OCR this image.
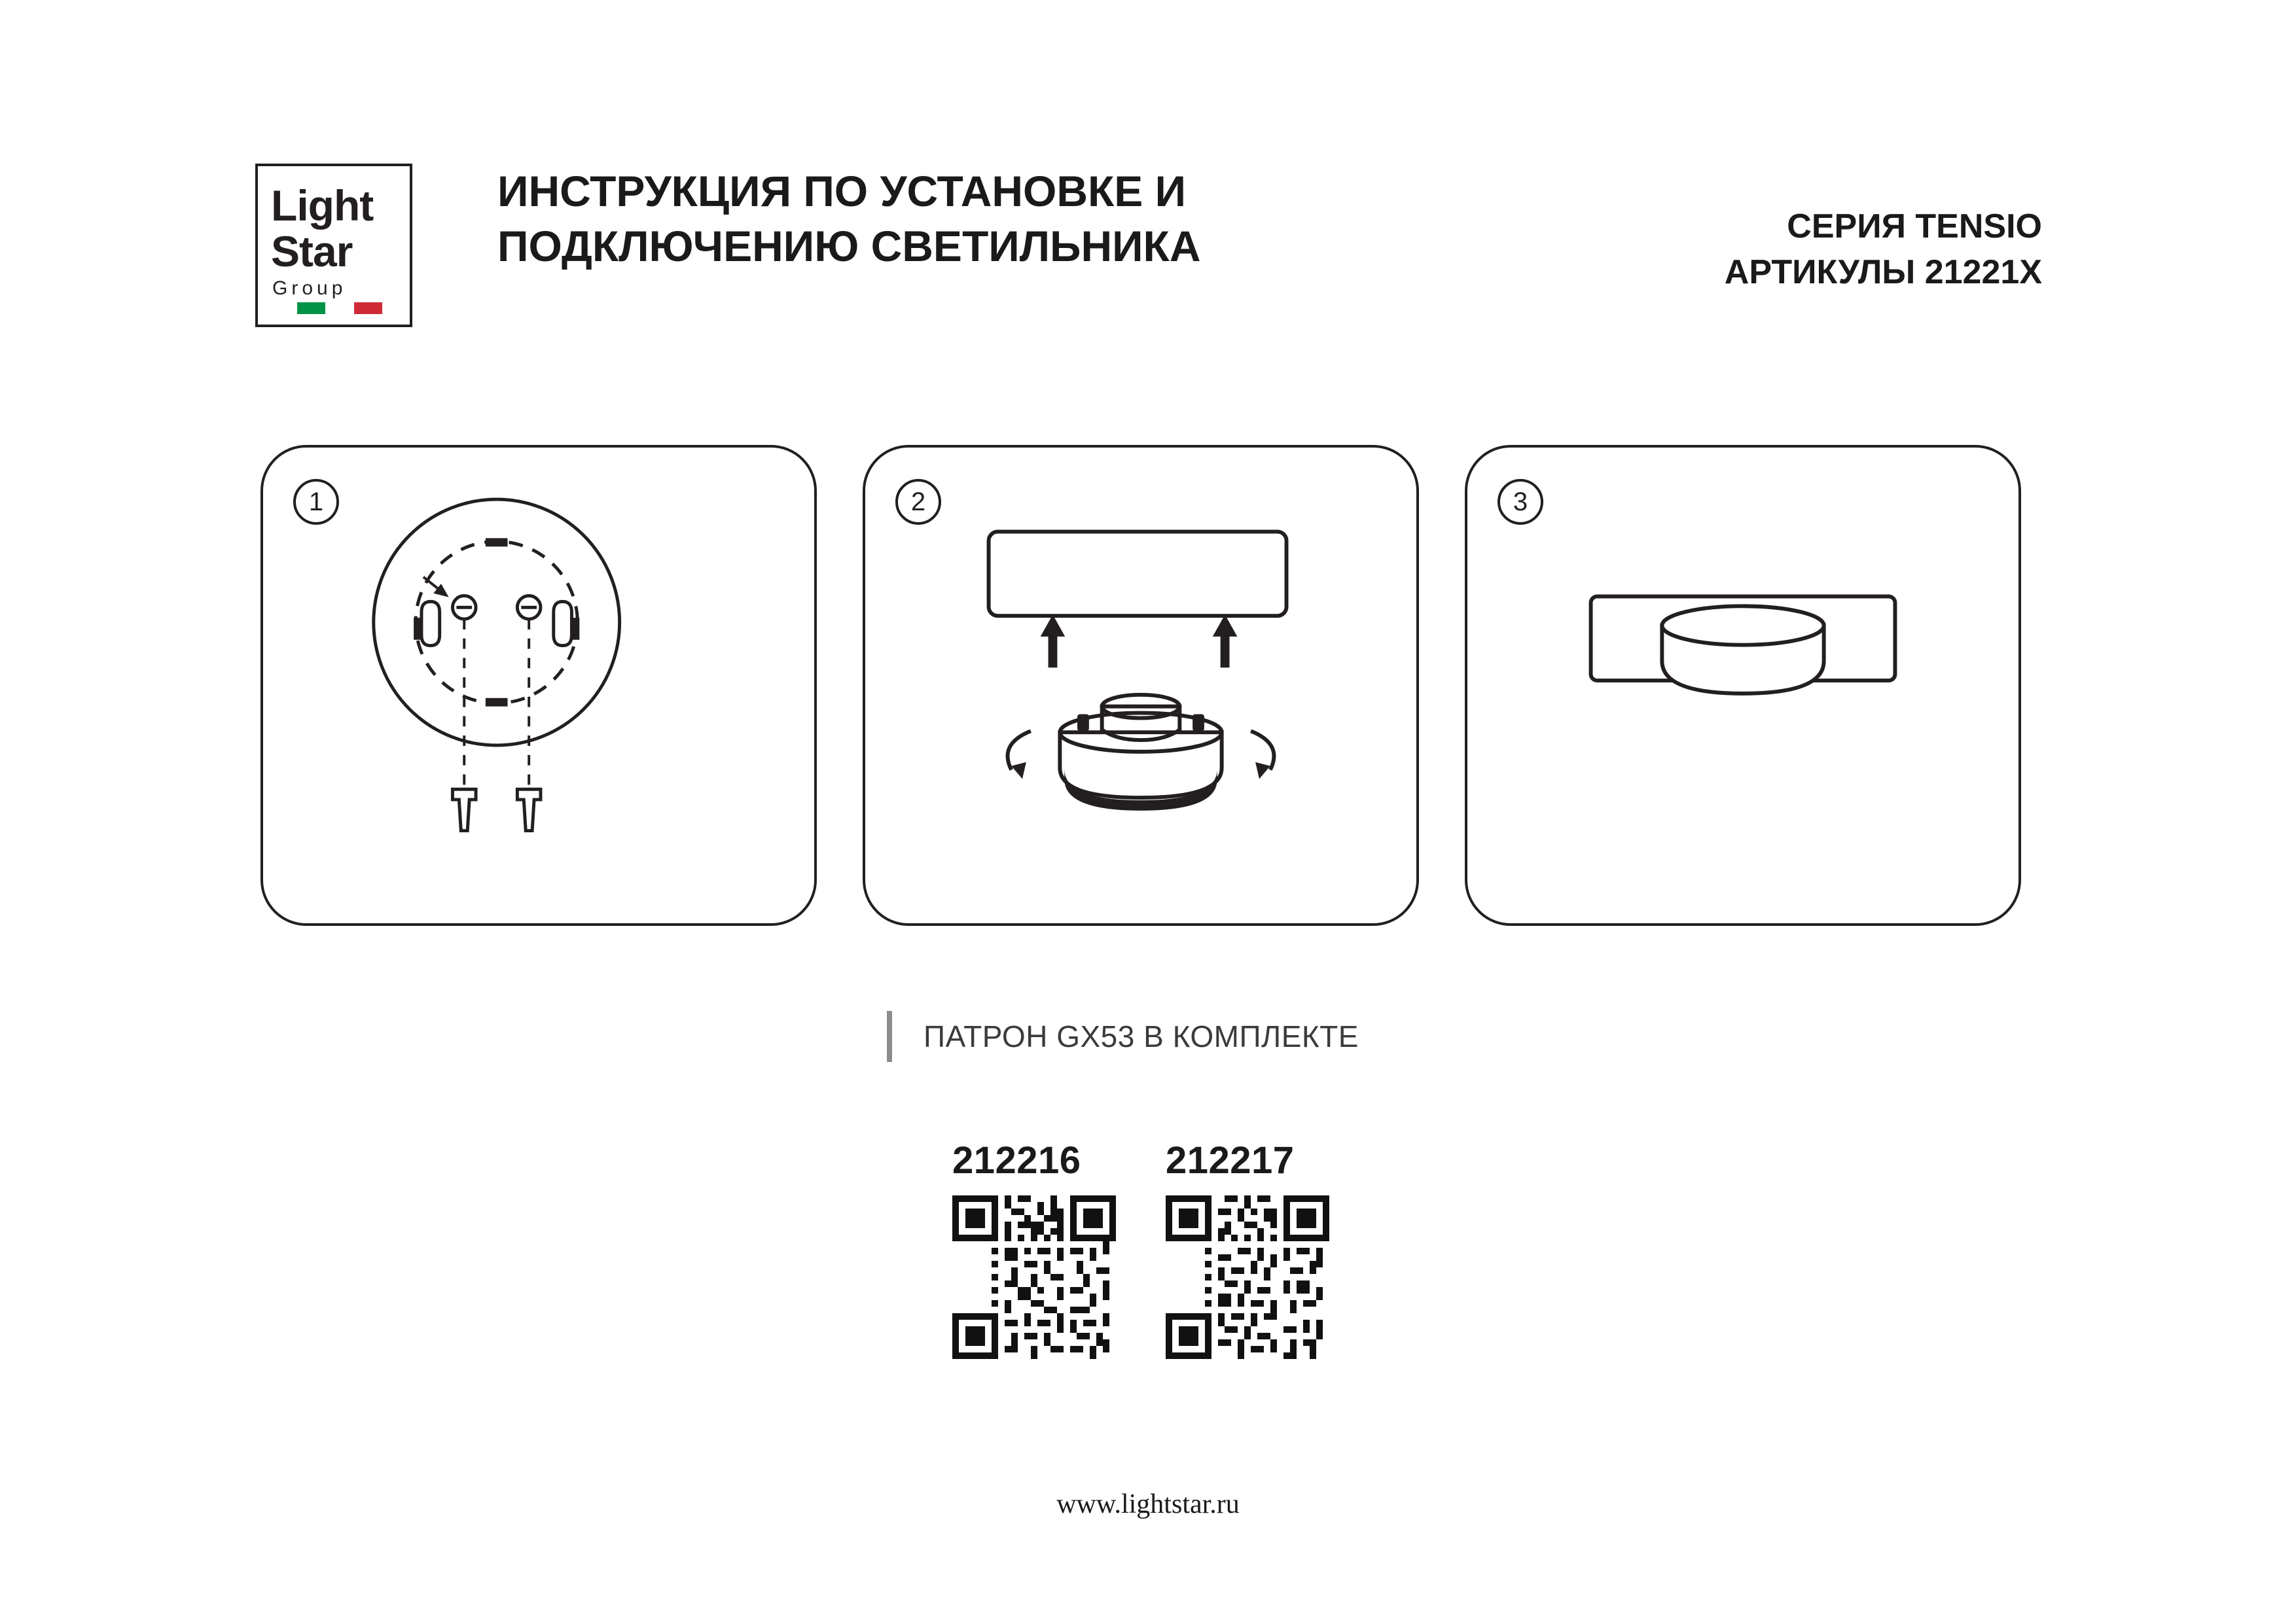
Light
Star
Group
ИНСТРУКЦИЯ ПО УСТАНОВКЕ И
ПОДКЛЮЧЕНИЮ СВЕТИЛЬНИКА	СЕРИЯ TENSIO
АРТИКУЛЫ 21221X
1	2	3
ПАТРОН GX53 В КОМПЛЕКТЕ
212216	212217
www.lightstar.ru
